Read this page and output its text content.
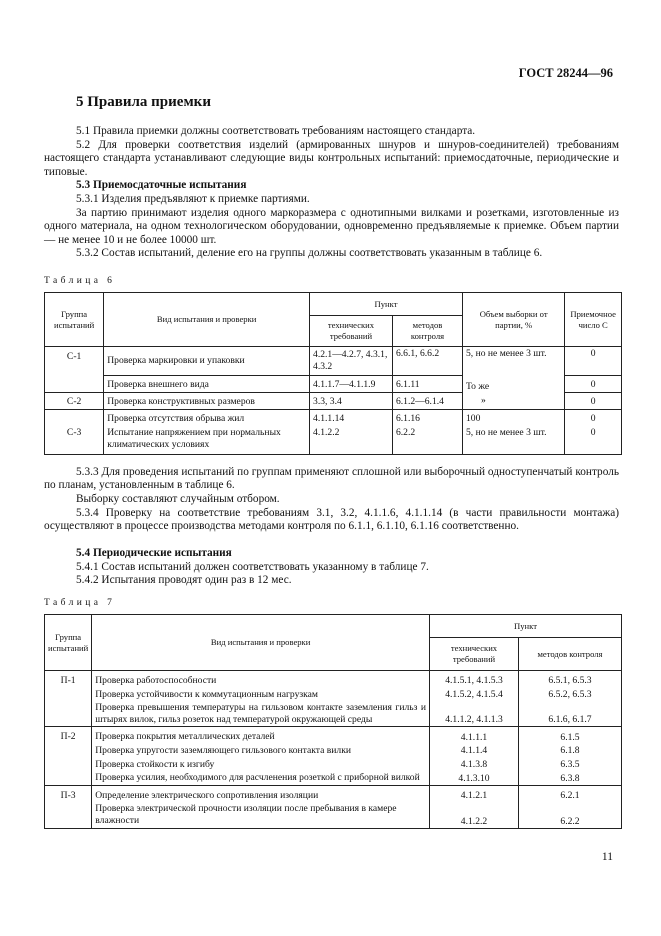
ГОСТ 28244—96
5 Правила приемки

5.1 Правила приемки должны соответствовать требованиям настоящего стандарта.

5.2 Для проверки соответствия изделий (армированных шнуров и шнуров-соединителей) требованиям настоящего стандарта устанавливают следующие виды контрольных испытаний: приемосдаточные, периодические и типовые.

5.3 Приемосдаточные испытания

5.3.1 Изделия предъявляют к приемке партиями.

За партию принимают изделия одного маркоразмера с однотипными вилками и розетками, изготовленные из одного материала, на одном технологическом оборудовании, одновременно предъявляемые к приемке. Объем партии — не менее 10 и не более 10000 шт.

5.3.2 Состав испытаний, деление его на группы должны соответствовать указанным в таблице 6.

Таблица 6
Группа испытаний	Вид испытания и проверки	Пункт		Объем выборки от партии, %	Приемочное число C
		технических требований	методов контроля		
С-1	Проверка маркировки и упаковки	4.2.1—4.2.7, 4.3.1, 4.3.2	6.6.1, 6.6.2	5, но не менее 3 шт.	0
	Проверка внешнего вида	4.1.1.7—4.1.1.9	6.1.11	То же	0
С-2	Проверка конструктивных размеров	3.3, 3.4	6.1.2—6.1.4	»	0
С-3	Проверка отсутствия обрыва жил	4.1.1.14	6.1.16	100	0
	Испытание напряжением при нормальных климатических условиях	4.1.2.2	6.2.2	5, но не менее 3 шт.	0

5.3.3 Для проведения испытаний по группам применяют сплошной или выборочный одноступенчатый контроль по планам, установленным в таблице 6.

Выборку составляют случайным отбором.

5.3.4 Проверку на соответствие требованиям 3.1, 3.2, 4.1.1.6, 4.1.1.14 (в части правильности монтажа) осуществляют в процессе производства методами контроля по 6.1.1, 6.1.10, 6.1.16 соответственно.

5.4 Периодические испытания

5.4.1 Состав испытаний должен соответствовать указанному в таблице 7.

5.4.2 Испытания проводят один раз в 12 мес.

Таблица 7
Группа испытаний	Вид испытания и проверки	Пункт	
		технических требований	методов контроля
П-1	Проверка работоспособности	4.1.5.1, 4.1.5.3	6.5.1, 6.5.3
	Проверка устойчивости к коммутационным нагрузкам	4.1.5.2, 4.1.5.4	6.5.2, 6.5.3
	Проверка превышения температуры на гильзовом контакте заземления гильз и штырях вилок, гильз розеток над температурой окружающей среды	4.1.1.2, 4.1.1.3	6.1.6, 6.1.7
П-2	Проверка покрытия металлических деталей	4.1.1.1	6.1.5
	Проверка упругости заземляющего гильзового контакта вилки	4.1.1.4	6.1.8
	Проверка стойкости к изгибу	4.1.3.8	6.3.5
	Проверка усилия, необходимого для расчленения розеткой с приборной вилкой	4.1.3.10	6.3.8
П-3	Определение электрического сопротивления изоляции	4.1.2.1	6.2.1
	Проверка электрической прочности изоляции после пребывания в камере влажности	4.1.2.2	6.2.2
11
